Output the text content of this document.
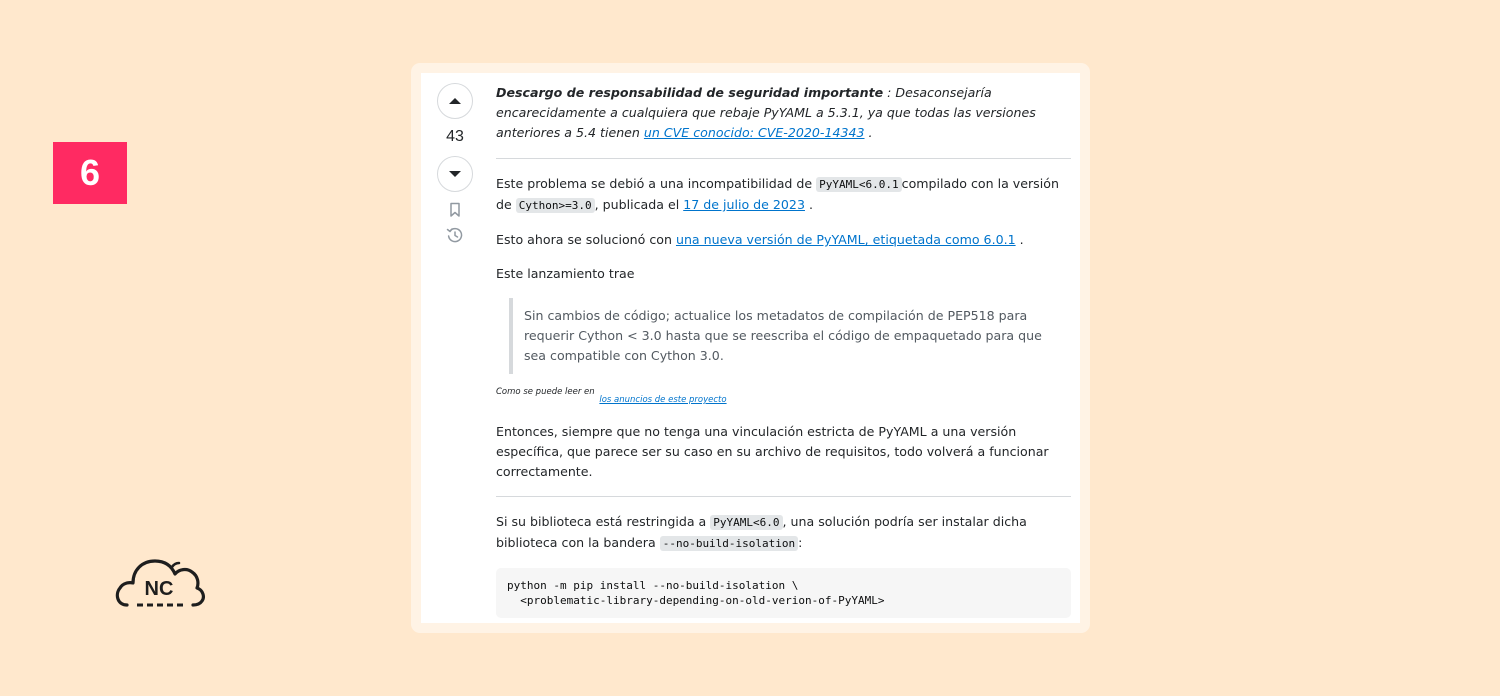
6
NC
43

Descargo de responsabilidad de seguridad importante : Desaconsejaría encarecidamente a cualquiera que rebaje PyYAML a 5.3.1, ya que todas las versiones anteriores a 5.4 tienen un CVE conocido: CVE-2020-14343 .

Este problema se debió a una incompatibilidad de PyYAML<6.0.1 compilado con la versión de Cython>=3.0 , publicada el 17 de julio de 2023 .

Esto ahora se solucionó con una nueva versión de PyYAML, etiquetada como 6.0.1 .

Este lanzamiento trae

Sin cambios de código; actualice los metadatos de compilación de PEP518 para requerir Cython < 3.0 hasta que se reescriba el código de empaquetado para que sea compatible con Cython 3.0.

Como se puede leer en los anuncios de este proyecto

Entonces, siempre que no tenga una vinculación estricta de PyYAML a una versión específica, que parece ser su caso en su archivo de requisitos, todo volverá a funcionar correctamente.

Si su biblioteca está restringida a PyYAML<6.0 , una solución podría ser instalar dicha biblioteca con la bandera --no-build-isolation :

python -m pip install --no-build-isolation \
<problematic-library-depending-on-old-verion-of-PyYAML>
